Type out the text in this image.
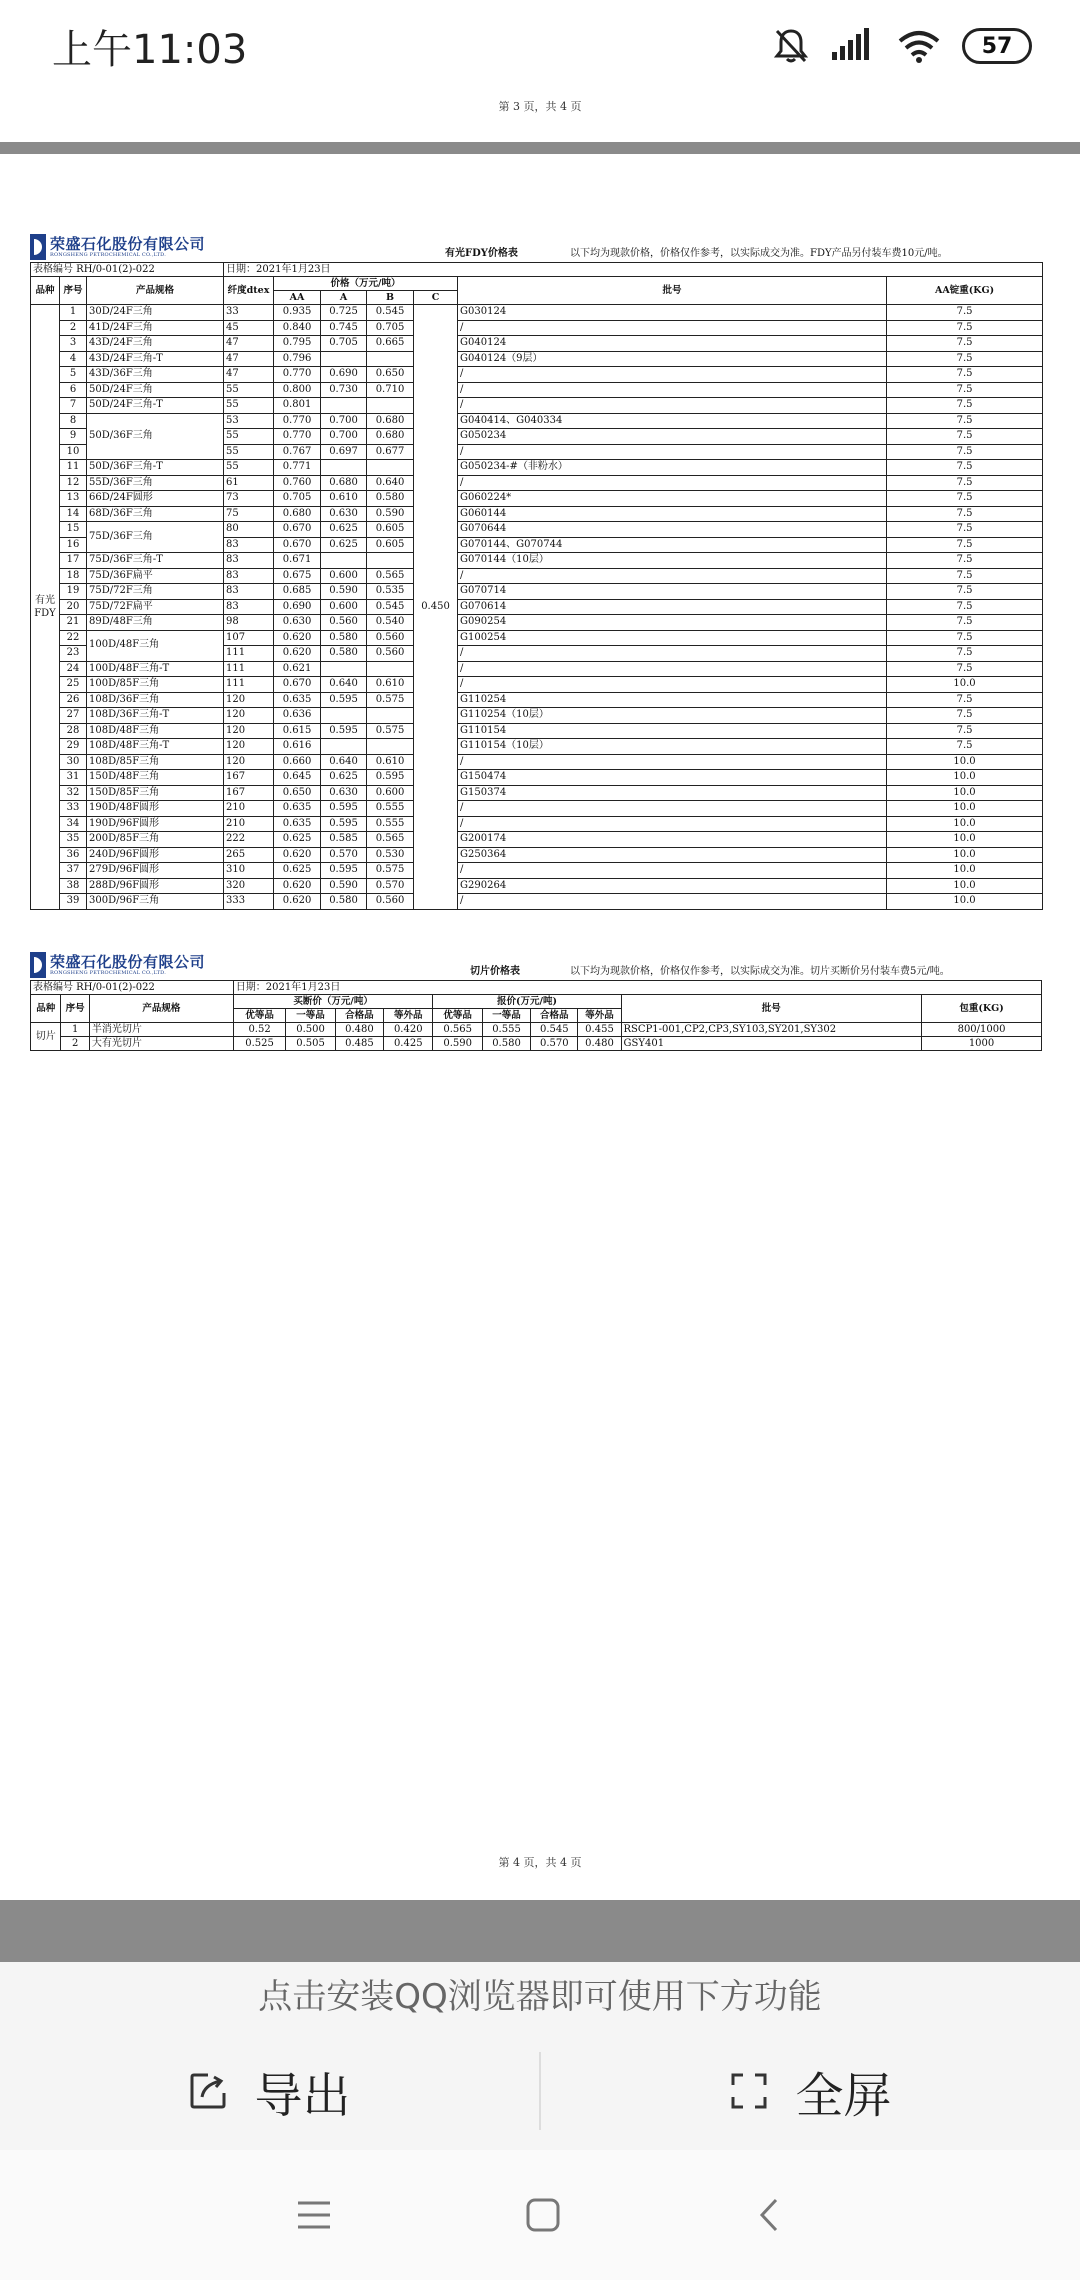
上午11:03	57
第 3 页，共 4 页
荣盛石化股份有限公司
RONGSHENG PETROCHEMICAL CO.,LTD.	有光FDY价格表	以下均为现款价格，价格仅作参考，以实际成交为准。FDY产品另付装车费10元/吨。
表格编号 RH/0-01(2)-022			日期：2021年1月23日						
品种	序号	产品规格	纤度dtex	价格（万元/吨）				批号	AA锭重(KG)
				AA	A	B	C		
有光FDY	1	30D/24F三角	33	0.935	0.725	0.545	0.450	G030124	7.5
	2	41D/24F三角	45	0.840	0.745	0.705		/	7.5
	3	43D/24F三角	47	0.795	0.705	0.665		G040124	7.5
	4	43D/24F三角-T	47	0.796				G040124（9层）	7.5
	5	43D/36F三角	47	0.770	0.690	0.650		/	7.5
	6	50D/24F三角	55	0.800	0.730	0.710		/	7.5
	7	50D/24F三角-T	55	0.801				/	7.5
	8	50D/36F三角	53	0.770	0.700	0.680		G040414、G040334	7.5
	9		55	0.770	0.700	0.680		G050234	7.5
	10		55	0.767	0.697	0.677		/	7.5
	11	50D/36F三角-T	55	0.771				G050234-#（非粉水）	7.5
	12	55D/36F三角	61	0.760	0.680	0.640		/	7.5
	13	66D/24F圆形	73	0.705	0.610	0.580		G060224*	7.5
	14	68D/36F三角	75	0.680	0.630	0.590		G060144	7.5
	15	75D/36F三角	80	0.670	0.625	0.605		G070644	7.5
	16		83	0.670	0.625	0.605		G070144、G070744	7.5
	17	75D/36F三角-T	83	0.671				G070144（10层）	7.5
	18	75D/36F扁平	83	0.675	0.600	0.565		/	7.5
	19	75D/72F三角	83	0.685	0.590	0.535		G070714	7.5
	20	75D/72F扁平	83	0.690	0.600	0.545		G070614	7.5
	21	89D/48F三角	98	0.630	0.560	0.540		G090254	7.5
	22	100D/48F三角	107	0.620	0.580	0.560		G100254	7.5
	23		111	0.620	0.580	0.560		/	7.5
	24	100D/48F三角-T	111	0.621				/	7.5
	25	100D/85F三角	111	0.670	0.640	0.610		/	10.0
	26	108D/36F三角	120	0.635	0.595	0.575		G110254	7.5
	27	108D/36F三角-T	120	0.636				G110254（10层）	7.5
	28	108D/48F三角	120	0.615	0.595	0.575		G110154	7.5
	29	108D/48F三角-T	120	0.616				G110154（10层）	7.5
	30	108D/85F三角	120	0.660	0.640	0.610		/	10.0
	31	150D/48F三角	167	0.645	0.625	0.595		G150474	10.0
	32	150D/85F三角	167	0.650	0.630	0.600		G150374	10.0
	33	190D/48F圆形	210	0.635	0.595	0.555		/	10.0
	34	190D/96F圆形	210	0.635	0.595	0.555		/	10.0
	35	200D/85F三角	222	0.625	0.585	0.565		G200174	10.0
	36	240D/96F圆形	265	0.620	0.570	0.530		G250364	10.0
	37	279D/96F圆形	310	0.625	0.595	0.575		/	10.0
	38	288D/96F圆形	320	0.620	0.590	0.570		G290264	10.0
	39	300D/96F三角	333	0.620	0.580	0.560		/	10.0
荣盛石化股份有限公司
RONGSHENG PETROCHEMICAL CO.,LTD.	切片价格表	以下均为现款价格，价格仅作参考，以实际成交为准。切片买断价另付装车费5元/吨。
表格编号 RH/0-01(2)-022			日期：2021年1月23日									
品种	序号	产品规格	买断价（万元/吨）				报价(万元/吨)				批号	包重(KG)
			优等品	一等品	合格品	等外品	优等品	一等品	合格品	等外品		
切片	1	半消光切片	0.52	0.500	0.480	0.420	0.565	0.555	0.545	0.455	RSCP1-001,CP2,CP3,SY103,SY201,SY302	800/1000
	2	大有光切片	0.525	0.505	0.485	0.425	0.590	0.580	0.570	0.480	GSY401	1000
第 4 页，共 4 页
点击安装QQ浏览器即可使用下方功能
导出	全屏
